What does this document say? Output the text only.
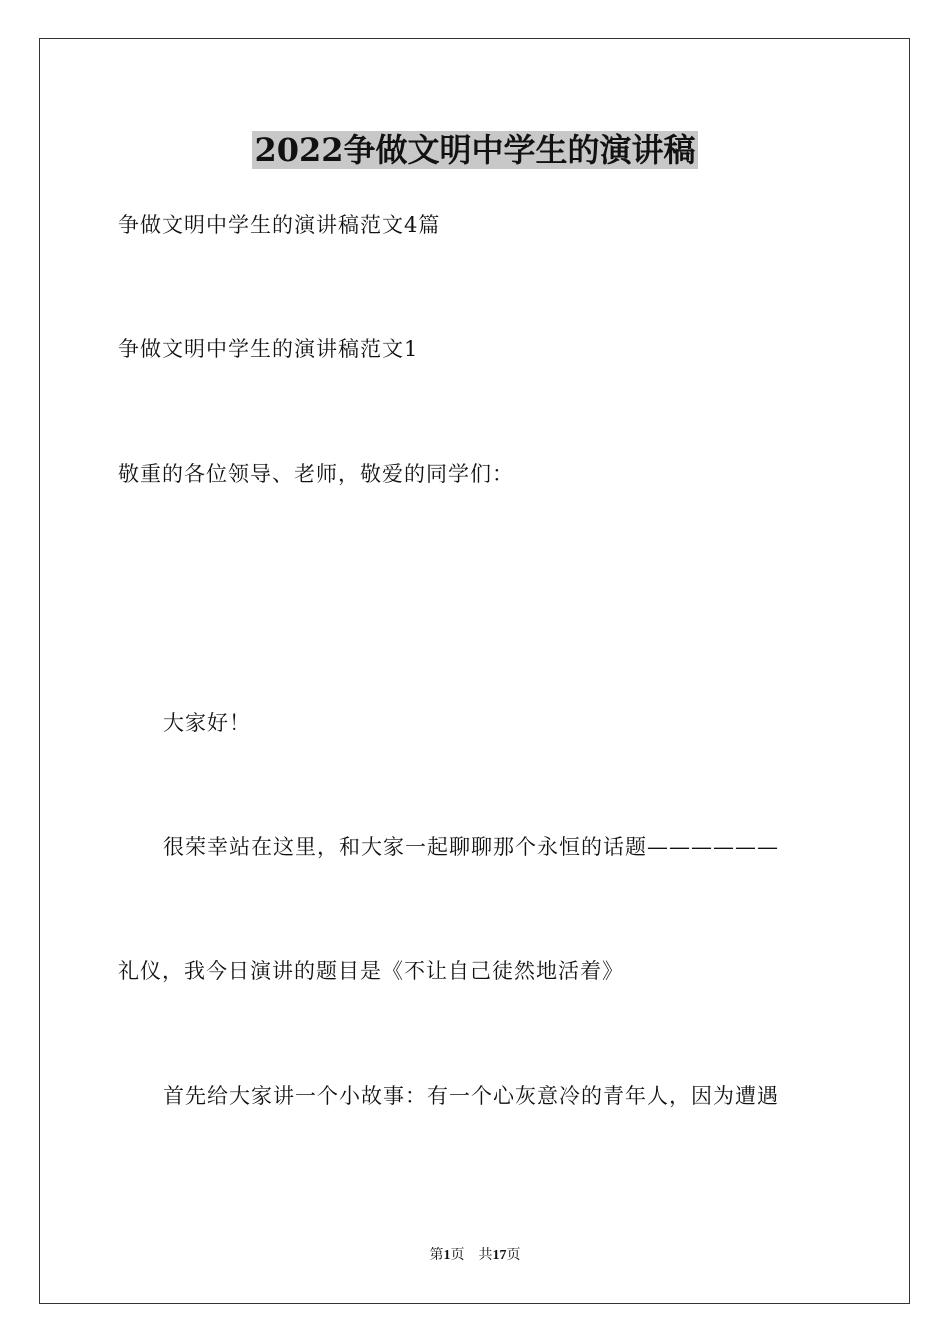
2022争做文明中学生的演讲稿
争做文明中学生的演讲稿范文4篇
争做文明中学生的演讲稿范文1
敬重的各位领导、老师，敬爱的同学们：
大家好！
很荣幸站在这里，和大家一起聊聊那个永恒的话题——————
礼仪，我今日演讲的题目是《不让自己徒然地活着》
首先给大家讲一个小故事：有一个心灰意冷的青年人，因为遭遇
第1页　共17页
